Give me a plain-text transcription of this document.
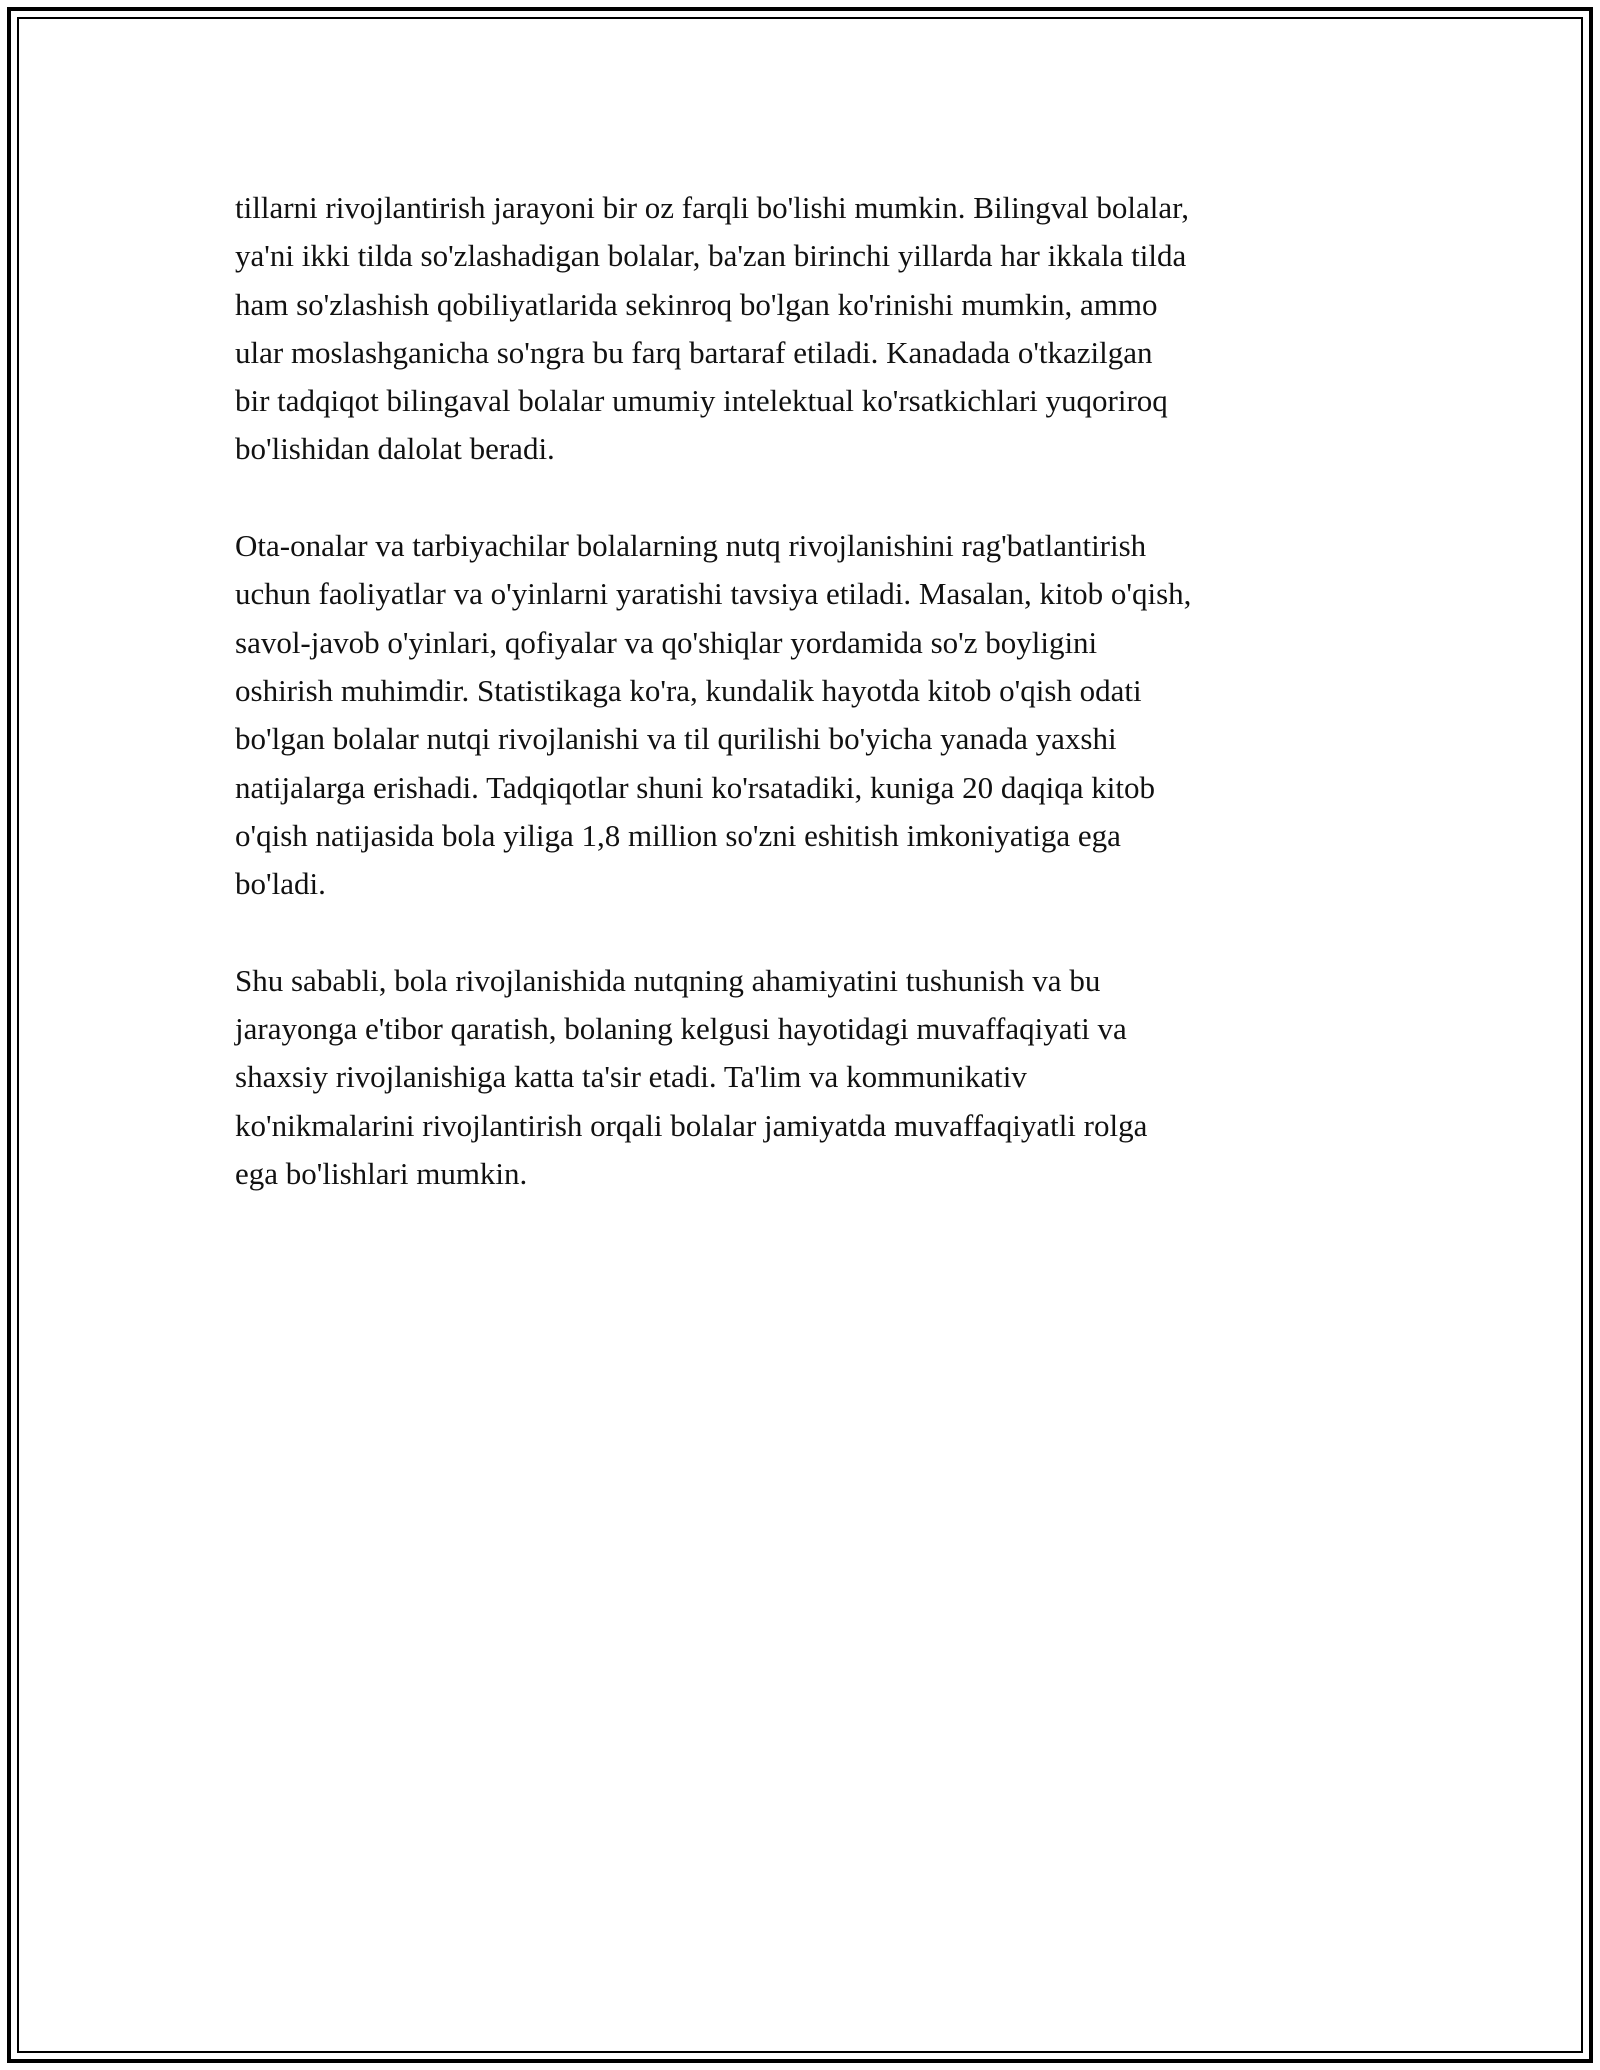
tillarni rivojlantirish jarayoni bir oz farqli bo'lishi mumkin. Bilingval bolalar,
ya'ni ikki tilda so'zlashadigan bolalar, ba'zan birinchi yillarda har ikkala tilda
ham so'zlashish qobiliyatlarida sekinroq bo'lgan ko'rinishi mumkin, ammo
ular moslashganicha so'ngra bu farq bartaraf etiladi. Kanadada o'tkazilgan
bir tadqiqot bilingaval bolalar umumiy intelektual ko'rsatkichlari yuqoriroq
bo'lishidan dalolat beradi.

Ota-onalar va tarbiyachilar bolalarning nutq rivojlanishini rag'batlantirish
uchun faoliyatlar va o'yinlarni yaratishi tavsiya etiladi. Masalan, kitob o'qish,
savol-javob o'yinlari, qofiyalar va qo'shiqlar yordamida so'z boyligini
oshirish muhimdir. Statistikaga ko'ra, kundalik hayotda kitob o'qish odati
bo'lgan bolalar nutqi rivojlanishi va til qurilishi bo'yicha yanada yaxshi
natijalarga erishadi. Tadqiqotlar shuni ko'rsatadiki, kuniga 20 daqiqa kitob
o'qish natijasida bola yiliga 1,8 million so'zni eshitish imkoniyatiga ega
bo'ladi.

Shu sababli, bola rivojlanishida nutqning ahamiyatini tushunish va bu
jarayonga e'tibor qaratish, bolaning kelgusi hayotidagi muvaffaqiyati va
shaxsiy rivojlanishiga katta ta'sir etadi. Ta'lim va kommunikativ
ko'nikmalarini rivojlantirish orqali bolalar jamiyatda muvaffaqiyatli rolga
ega bo'lishlari mumkin.
